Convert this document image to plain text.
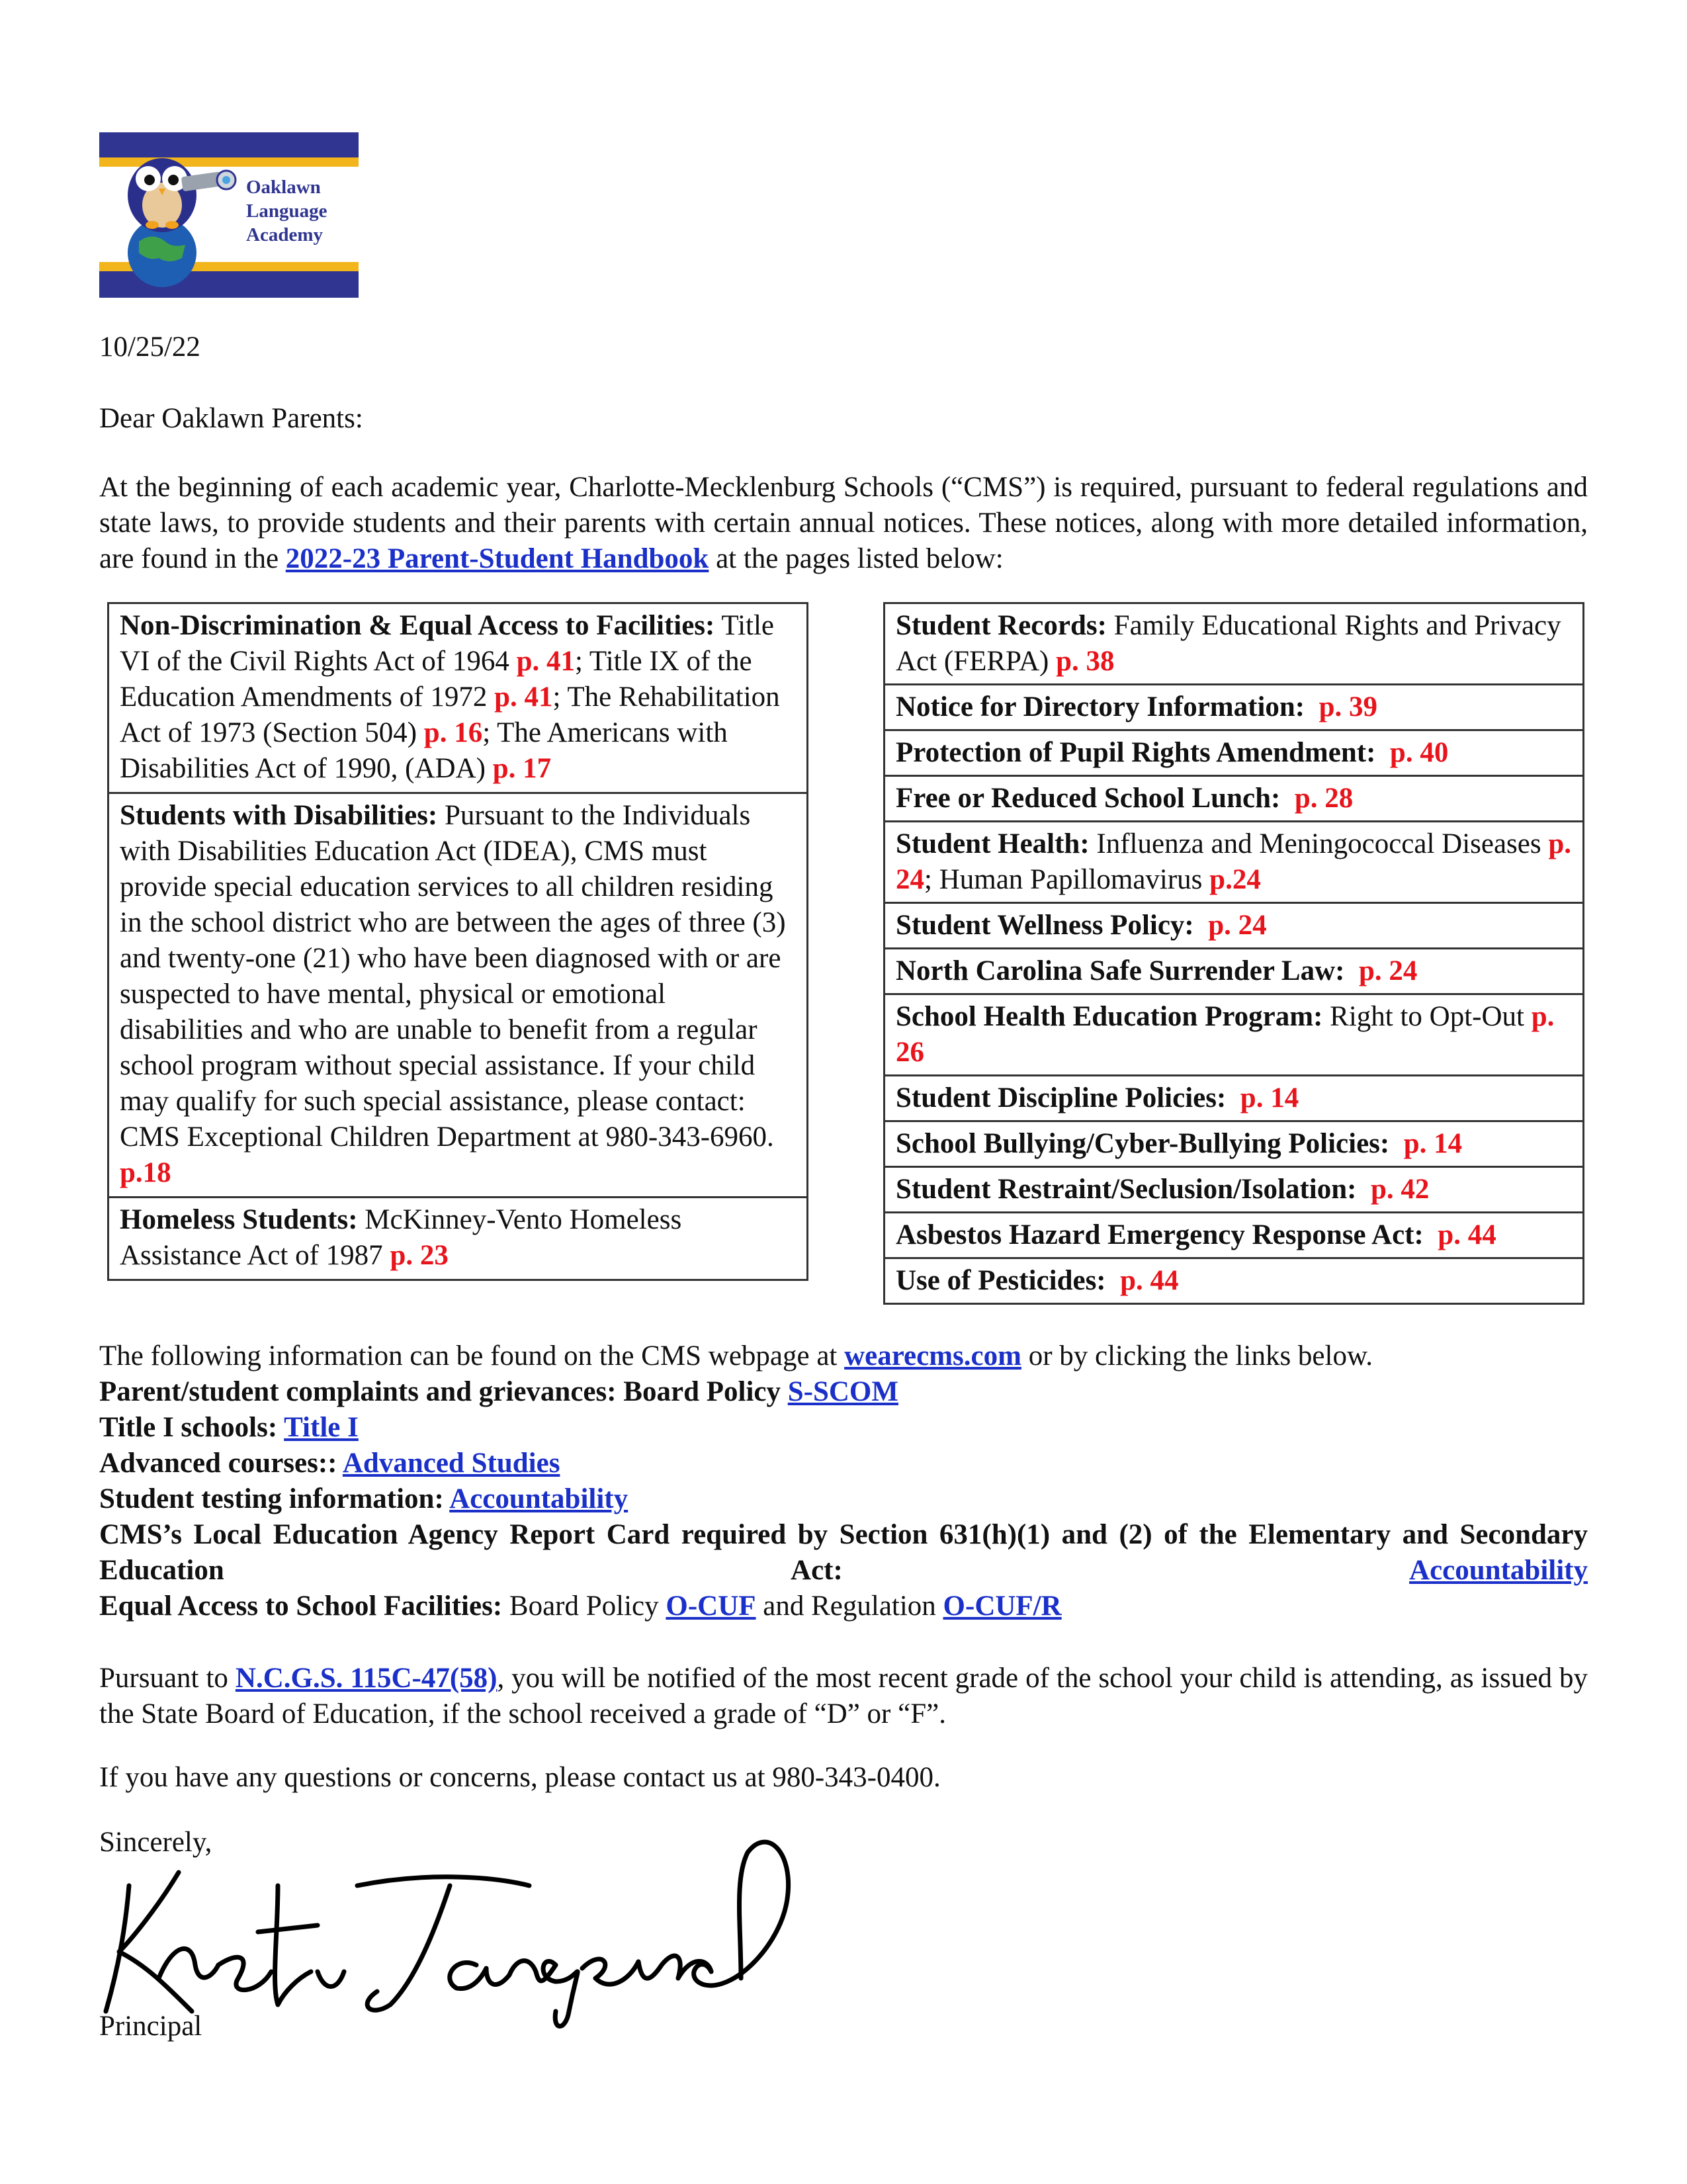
Oaklawn
Language
Academy
10/25/22
Dear Oaklawn Parents:
At the beginning of each academic year, Charlotte-Mecklenburg Schools (“CMS”) is required, pursuant to federal regulations and state laws, to provide students and their parents with certain annual notices. These notices, along with more detailed information, are found in the 2022-23 Parent-Student Handbook at the pages listed below:
Non-Discrimination & Equal Access to Facilities: Title VI of the Civil Rights Act of 1964 p. 41; Title IX of the Education Amendments of 1972 p. 41; The Rehabilitation Act of 1973 (Section 504) p. 16; The Americans with Disabilities Act of 1990, (ADA) p. 17
Students with Disabilities: Pursuant to the Individuals with Disabilities Education Act (IDEA), CMS must provide special education services to all children residing in the school district who are between the ages of three (3) and twenty-one (21) who have been diagnosed with or are suspected to have mental, physical or emotional disabilities and who are unable to benefit from a regular school program without special assistance. If your child may qualify for such special assistance, please contact: CMS Exceptional Children Department at 980-343-6960.
p.18
Homeless Students: McKinney-Vento Homeless Assistance Act of 1987 p. 23
Student Records: Family Educational Rights and Privacy Act (FERPA) p. 38
Notice for Directory Information: p. 39
Protection of Pupil Rights Amendment: p. 40
Free or Reduced School Lunch: p. 28
Student Health: Influenza and Meningococcal Diseases p. 24; Human Papillomavirus p.24
Student Wellness Policy: p. 24
North Carolina Safe Surrender Law: p. 24
School Health Education Program: Right to Opt-Out p. 26
Student Discipline Policies: p. 14
School Bullying/Cyber-Bullying Policies: p. 14
Student Restraint/Seclusion/Isolation: p. 42
Asbestos Hazard Emergency Response Act: p. 44
Use of Pesticides: p. 44
The following information can be found on the CMS webpage at wearecms.com or by clicking the links below.
Parent/student complaints and grievances: Board Policy S-SCOM
Title I schools: Title I
Advanced courses:: Advanced Studies
Student testing information: Accountability
CMS’s Local Education Agency Report Card required by Section 631(h)(1) and (2) of the Elementary and Secondary Education Act: Accountability
Equal Access to School Facilities: Board Policy O-CUF and Regulation O-CUF/R
Pursuant to N.C.G.S. 115C-47(58), you will be notified of the most recent grade of the school your child is attending, as issued by the State Board of Education, if the school received a grade of “D” or “F”.
If you have any questions or concerns, please contact us at 980-343-0400.
Sincerely,
Principal
